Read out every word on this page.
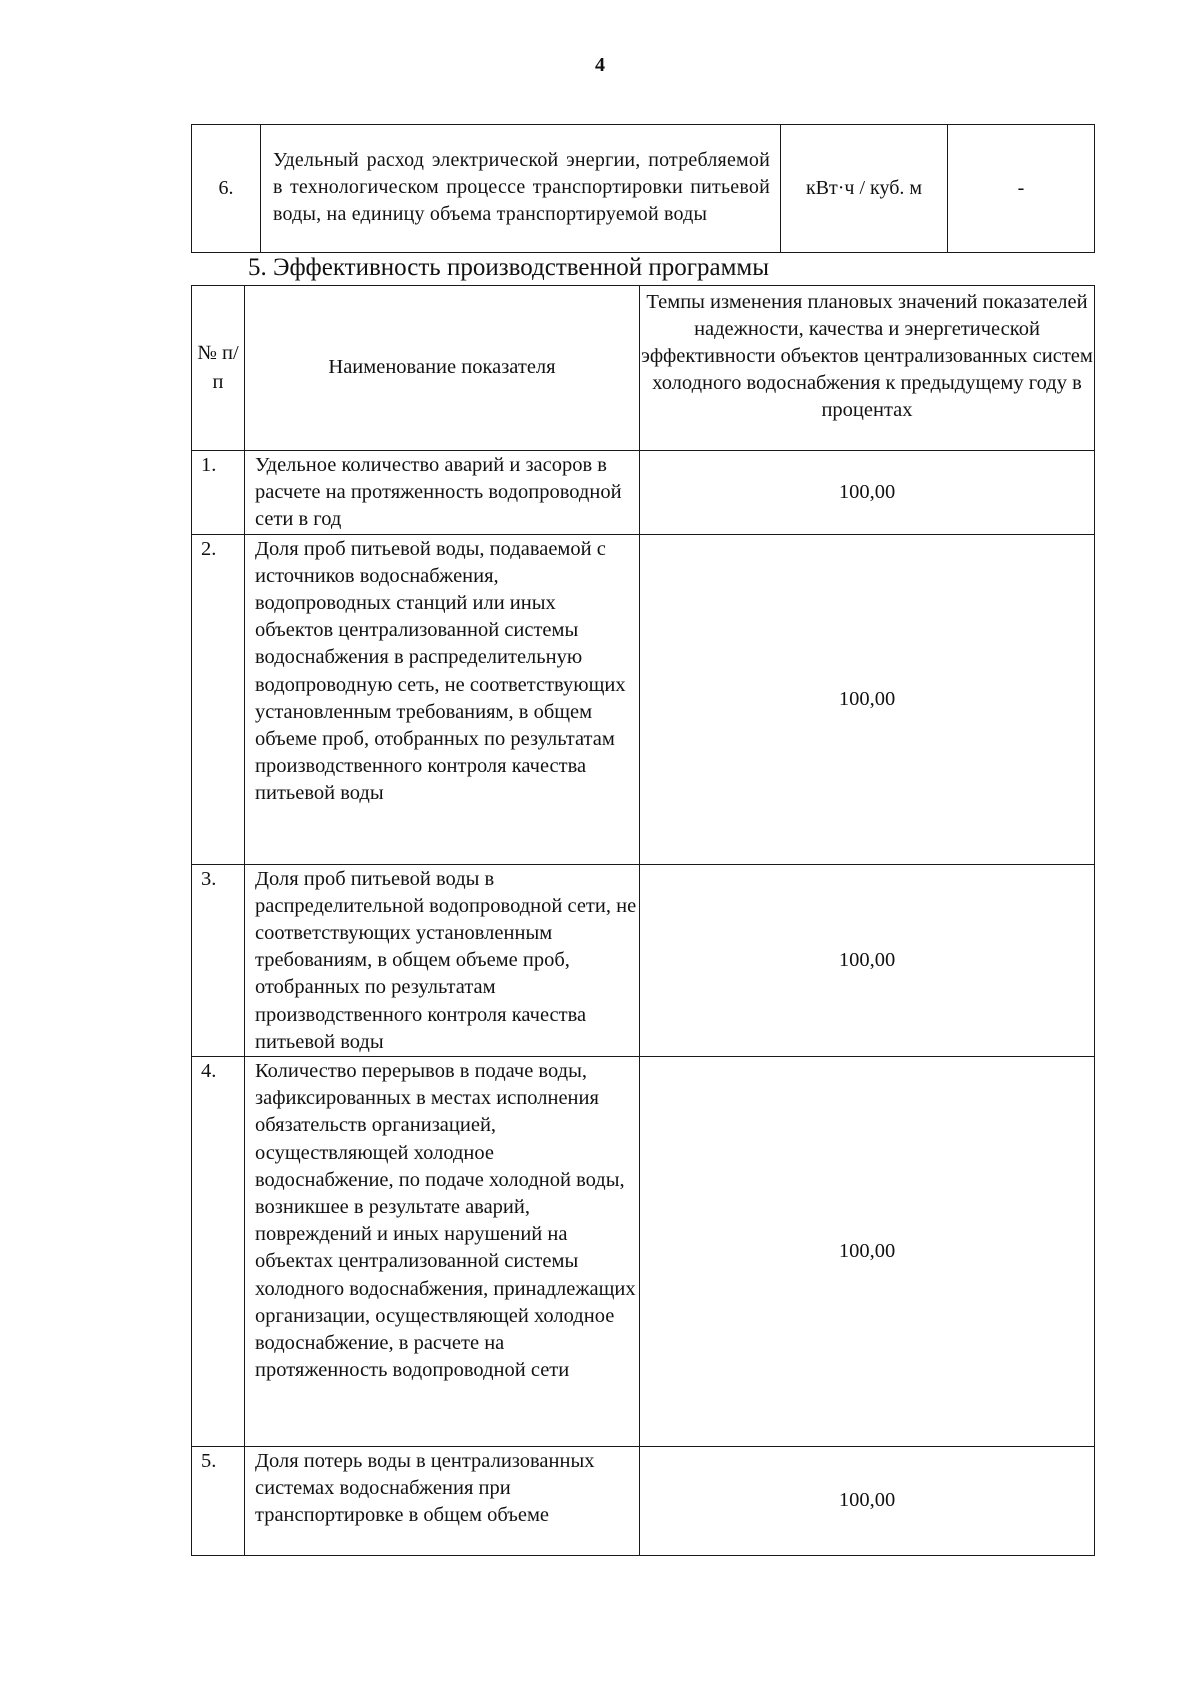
4
6.	Удельный расход электрической энергии, потребляемой в технологическом процессе транспортировки питьевой воды, на единицу объема транспортируемой воды	кВт·ч / куб. м	-
5. Эффективность производственной программы
№ п/п	Наименование показателя	Темпы изменения плановых значений показателей надежности, качества и энергетической эффективности объектов централизованных систем холодного водоснабжения к предыдущему году в процентах
1.	Удельное количество аварий и засоров в расчете на протяженность водопроводной сети в год	100,00
2.	Доля проб питьевой воды, подаваемой с источников водоснабжения, водопроводных станций или иных объектов централизованной системы водоснабжения в распределительную водопроводную сеть, не соответствующих установленным требованиям, в общем объеме проб, отобранных по результатам производственного контроля качества питьевой воды	100,00
3.	Доля проб питьевой воды в распределительной водопроводной сети, не соответствующих установленным требованиям, в общем объеме проб, отобранных по результатам производственного контроля качества питьевой воды	100,00
4.	Количество перерывов в подаче воды, зафиксированных в местах исполнения обязательств организацией, осуществляющей холодное водоснабжение, по подаче холодной воды, возникшее в результате аварий, повреждений и иных нарушений на объектах централизованной системы холодного водоснабжения, принадлежащих организации, осуществляющей холодное водоснабжение, в расчете на протяженность водопроводной сети	100,00
5.	Доля потерь воды в централизованных системах водоснабжения при транспортировке в общем объеме	100,00
